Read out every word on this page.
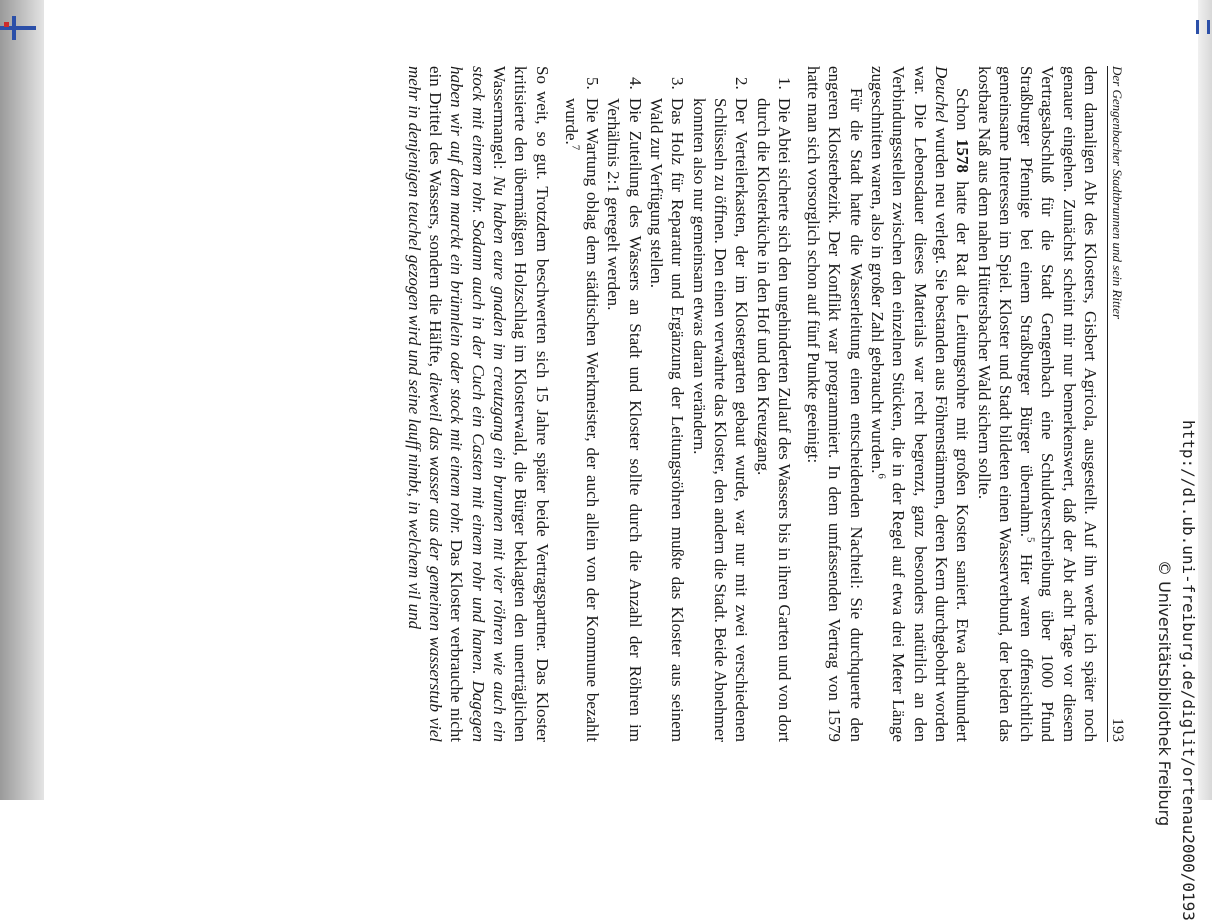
http://dl.ub.uni-freiburg.de/diglit/ortenau2000/0193
© Universitätsbibliothek Freiburg
Der Gengenbacher Stadtbrunnen und sein Ritter
193

dem damaligen Abt des Klosters, Gisbert Agricola, ausgestellt. Auf ihn werde ich später noch genauer eingehen. Zunächst scheint mir nur bemerkenswert, daß der Abt acht Tage vor diesem Vertragsabschluß für die Stadt Gengenbach eine Schuldverschreibung über 1000 Pfund Straßburger Pfennige bei einem Straßburger Bürger übernahm.$^5$ Hier waren offensichtlich gemeinsame Interessen im Spiel. Kloster und Stadt bildeten einen Wasserverbund, der beiden das kostbare Naß aus dem nahen Hüttersbacher Wald sichern sollte.

Schon 1578 hatte der Rat die Leitungsrohre mit großen Kosten saniert. Etwa achthundert Deuchel wurden neu verlegt. Sie bestanden aus Föhrenstämmen, deren Kern durchgebohrt worden war. Die Lebensdauer dieses Materials war recht begrenzt, ganz besonders natürlich an den Verbindungsstellen zwischen den einzelnen Stücken, die in der Regel auf etwa drei Meter Länge zugeschnitten waren, also in großer Zahl gebraucht wurden.$^6$

Für die Stadt hatte die Wasserleitung einen entscheidenden Nachteil: Sie durchquerte den engeren Klosterbezirk. Der Konflikt war programmiert. In dem umfassenden Vertrag von 1579 hatte man sich vorsorglich schon auf fünf Punkte geeinigt:

1. Die Abtei sicherte sich den ungehinderten Zulauf des Wassers bis in ihren Garten und von dort durch die Klosterküche in den Hof und den Kreuzgang.
2. Der Verteilerkasten, der im Klostergarten gebaut wurde, war nur mit zwei verschiedenen Schlüsseln zu öffnen. Den einen verwahrte das Kloster, den andern die Stadt. Beide Abnehmer konnten also nur gemeinsam etwas daran verändern.
3. Das Holz für Reparatur und Ergänzung der Leitungsröhren mußte das Kloster aus seinem Wald zur Verfügung stellen.
4. Die Zuteilung des Wassers an Stadt und Kloster sollte durch die Anzahl der Röhren im Verhältnis 2:1 geregelt werden.
5. Die Wartung oblag dem städtischen Werkmeister, der auch allein von der Kommune bezahlt wurde.$^7$

So weit, so gut. Trotzdem beschwerten sich 15 Jahre später beide Vertragspartner. Das Kloster kritisierte den übermäßigen Holzschlag im Klosterwald, die Bürger beklagten den unerträglichen Wassermangel: Nu haben eure gnaden im creutzgang ein brunnen mit vier röhren wie auch ein stock mit einem rohr. Sodann auch in der Cuch ein Casten mit einem rohr und hanen. Dagegen haben wir auf dem marckt ein brünnlein oder stock mit einem rohr. Das Kloster verbrauche nicht ein Drittel des Wassers, sondern die Hälfte, dieweil das wasser aus der gemeinen wasserstub viel mehr in denjenigen teuchel gezogen wird und seine lauff nimbt, in welchem vil und
